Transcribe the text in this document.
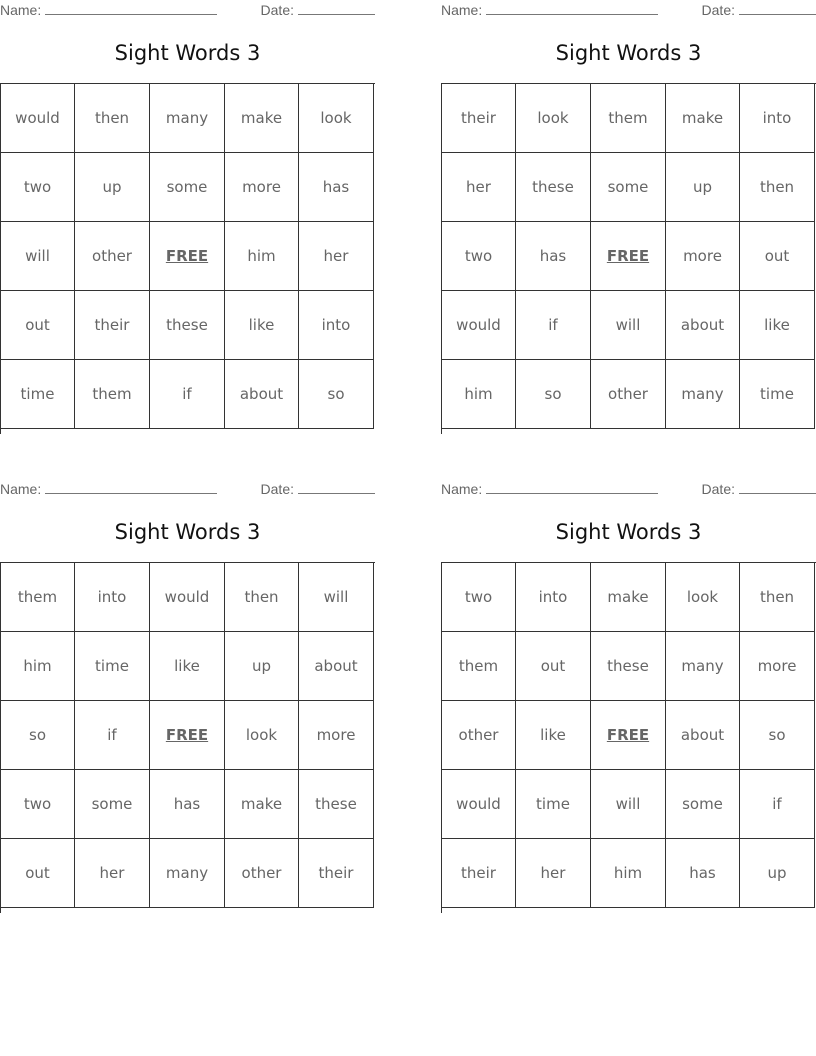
Name:	Date:
Sight Words 3
would	then	many	make	look
two	up	some	more	has
will	other	FREE	him	her
out	their	these	like	into
time	them	if	about	so
Name:	Date:
Sight Words 3
their	look	them	make	into
her	these	some	up	then
two	has	FREE	more	out
would	if	will	about	like
him	so	other	many	time
Name:	Date:
Sight Words 3
them	into	would	then	will
him	time	like	up	about
so	if	FREE	look	more
two	some	has	make	these
out	her	many	other	their
Name:	Date:
Sight Words 3
two	into	make	look	then
them	out	these	many	more
other	like	FREE	about	so
would	time	will	some	if
their	her	him	has	up
